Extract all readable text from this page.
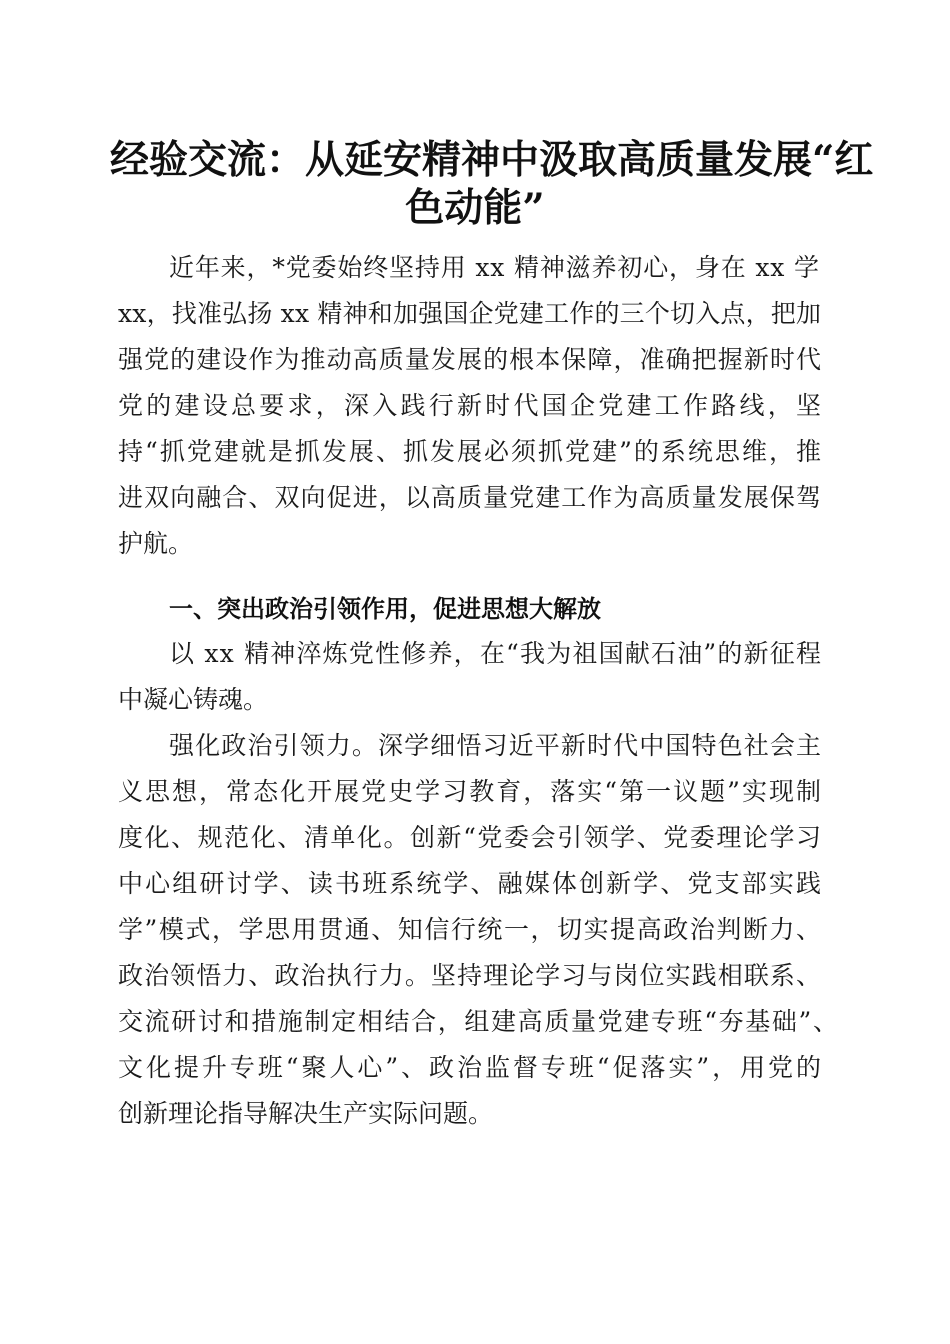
经验交流：从延安精神中汲取高质量发展“红
色动能”
近年来，*党委始终坚持用 xx 精神滋养初心，身在 xx 学
xx，找准弘扬 xx 精神和加强国企党建工作的三个切入点，把加
强党的建设作为推动高质量发展的根本保障，准确把握新时代
党的建设总要求，深入践行新时代国企党建工作路线，坚
持“抓党建就是抓发展、抓发展必须抓党建”的系统思维，推
进双向融合、双向促进，以高质量党建工作为高质量发展保驾
护航。
一、突出政治引领作用，促进思想大解放
以 xx 精神淬炼党性修养，在“我为祖国献石油”的新征程
中凝心铸魂。
强化政治引领力。深学细悟习近平新时代中国特色社会主
义思想，常态化开展党史学习教育，落实“第一议题”实现制
度化、规范化、清单化。创新“党委会引领学、党委理论学习
中心组研讨学、读书班系统学、融媒体创新学、党支部实践
学”模式，学思用贯通、知信行统一，切实提高政治判断力、
政治领悟力、政治执行力。坚持理论学习与岗位实践相联系、
交流研讨和措施制定相结合，组建高质量党建专班“夯基础”、
文化提升专班“聚人心”、政治监督专班“促落实”，用党的
创新理论指导解决生产实际问题。
